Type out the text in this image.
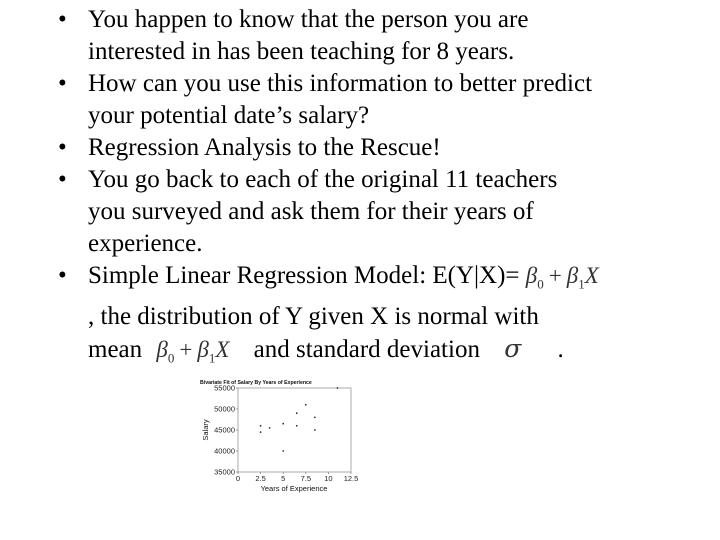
• You happen to know that the person you are
interested in has been teaching for 8 years.
• How can you use this information to better predict
your potential date’s salary?
• Regression Analysis to the Rescue!
• You go back to each of the original 11 teachers
you surveyed and ask them for their years of
experience.
• Simple Linear Regression Model: $E(Y|X)= \beta_0 + \beta_1X$
, the distribution of Y given X is normal with
mean $\beta_0 + \beta_1X$ and standard deviation σ .
Bivariate Fit of Salary By Years of Experience
35000
40000
45000
50000
55000
0 2.5 5 7.5 10 12.5
Years of Experience
Salary
